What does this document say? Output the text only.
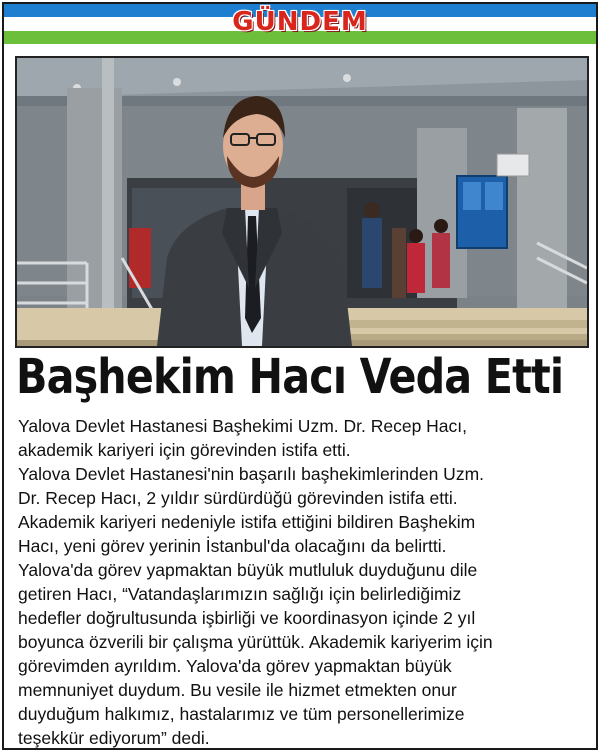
GÜNDEM
Başhekim Hacı Veda Etti
Yalova Devlet Hastanesi Başhekimi Uzm. Dr. Recep Hacı,
akademik kariyeri için görevinden istifa etti.
Yalova Devlet Hastanesi'nin başarılı başhekimlerinden Uzm.
Dr. Recep Hacı, 2 yıldır sürdürdüğü görevinden istifa etti.
Akademik kariyeri nedeniyle istifa ettiğini bildiren Başhekim
Hacı, yeni görev yerinin İstanbul'da olacağını da belirtti.
Yalova'da görev yapmaktan büyük mutluluk duyduğunu dile
getiren Hacı, “Vatandaşlarımızın sağlığı için belirlediğimiz
hedefler doğrultusunda işbirliği ve koordinasyon içinde 2 yıl
boyunca özverili bir çalışma yürüttük. Akademik kariyerim için
görevimden ayrıldım. Yalova'da görev yapmaktan büyük
memnuniyet duydum. Bu vesile ile hizmet etmekten onur
duyduğum halkımız, hastalarımız ve tüm personellerimize
teşekkür ediyorum” dedi.
